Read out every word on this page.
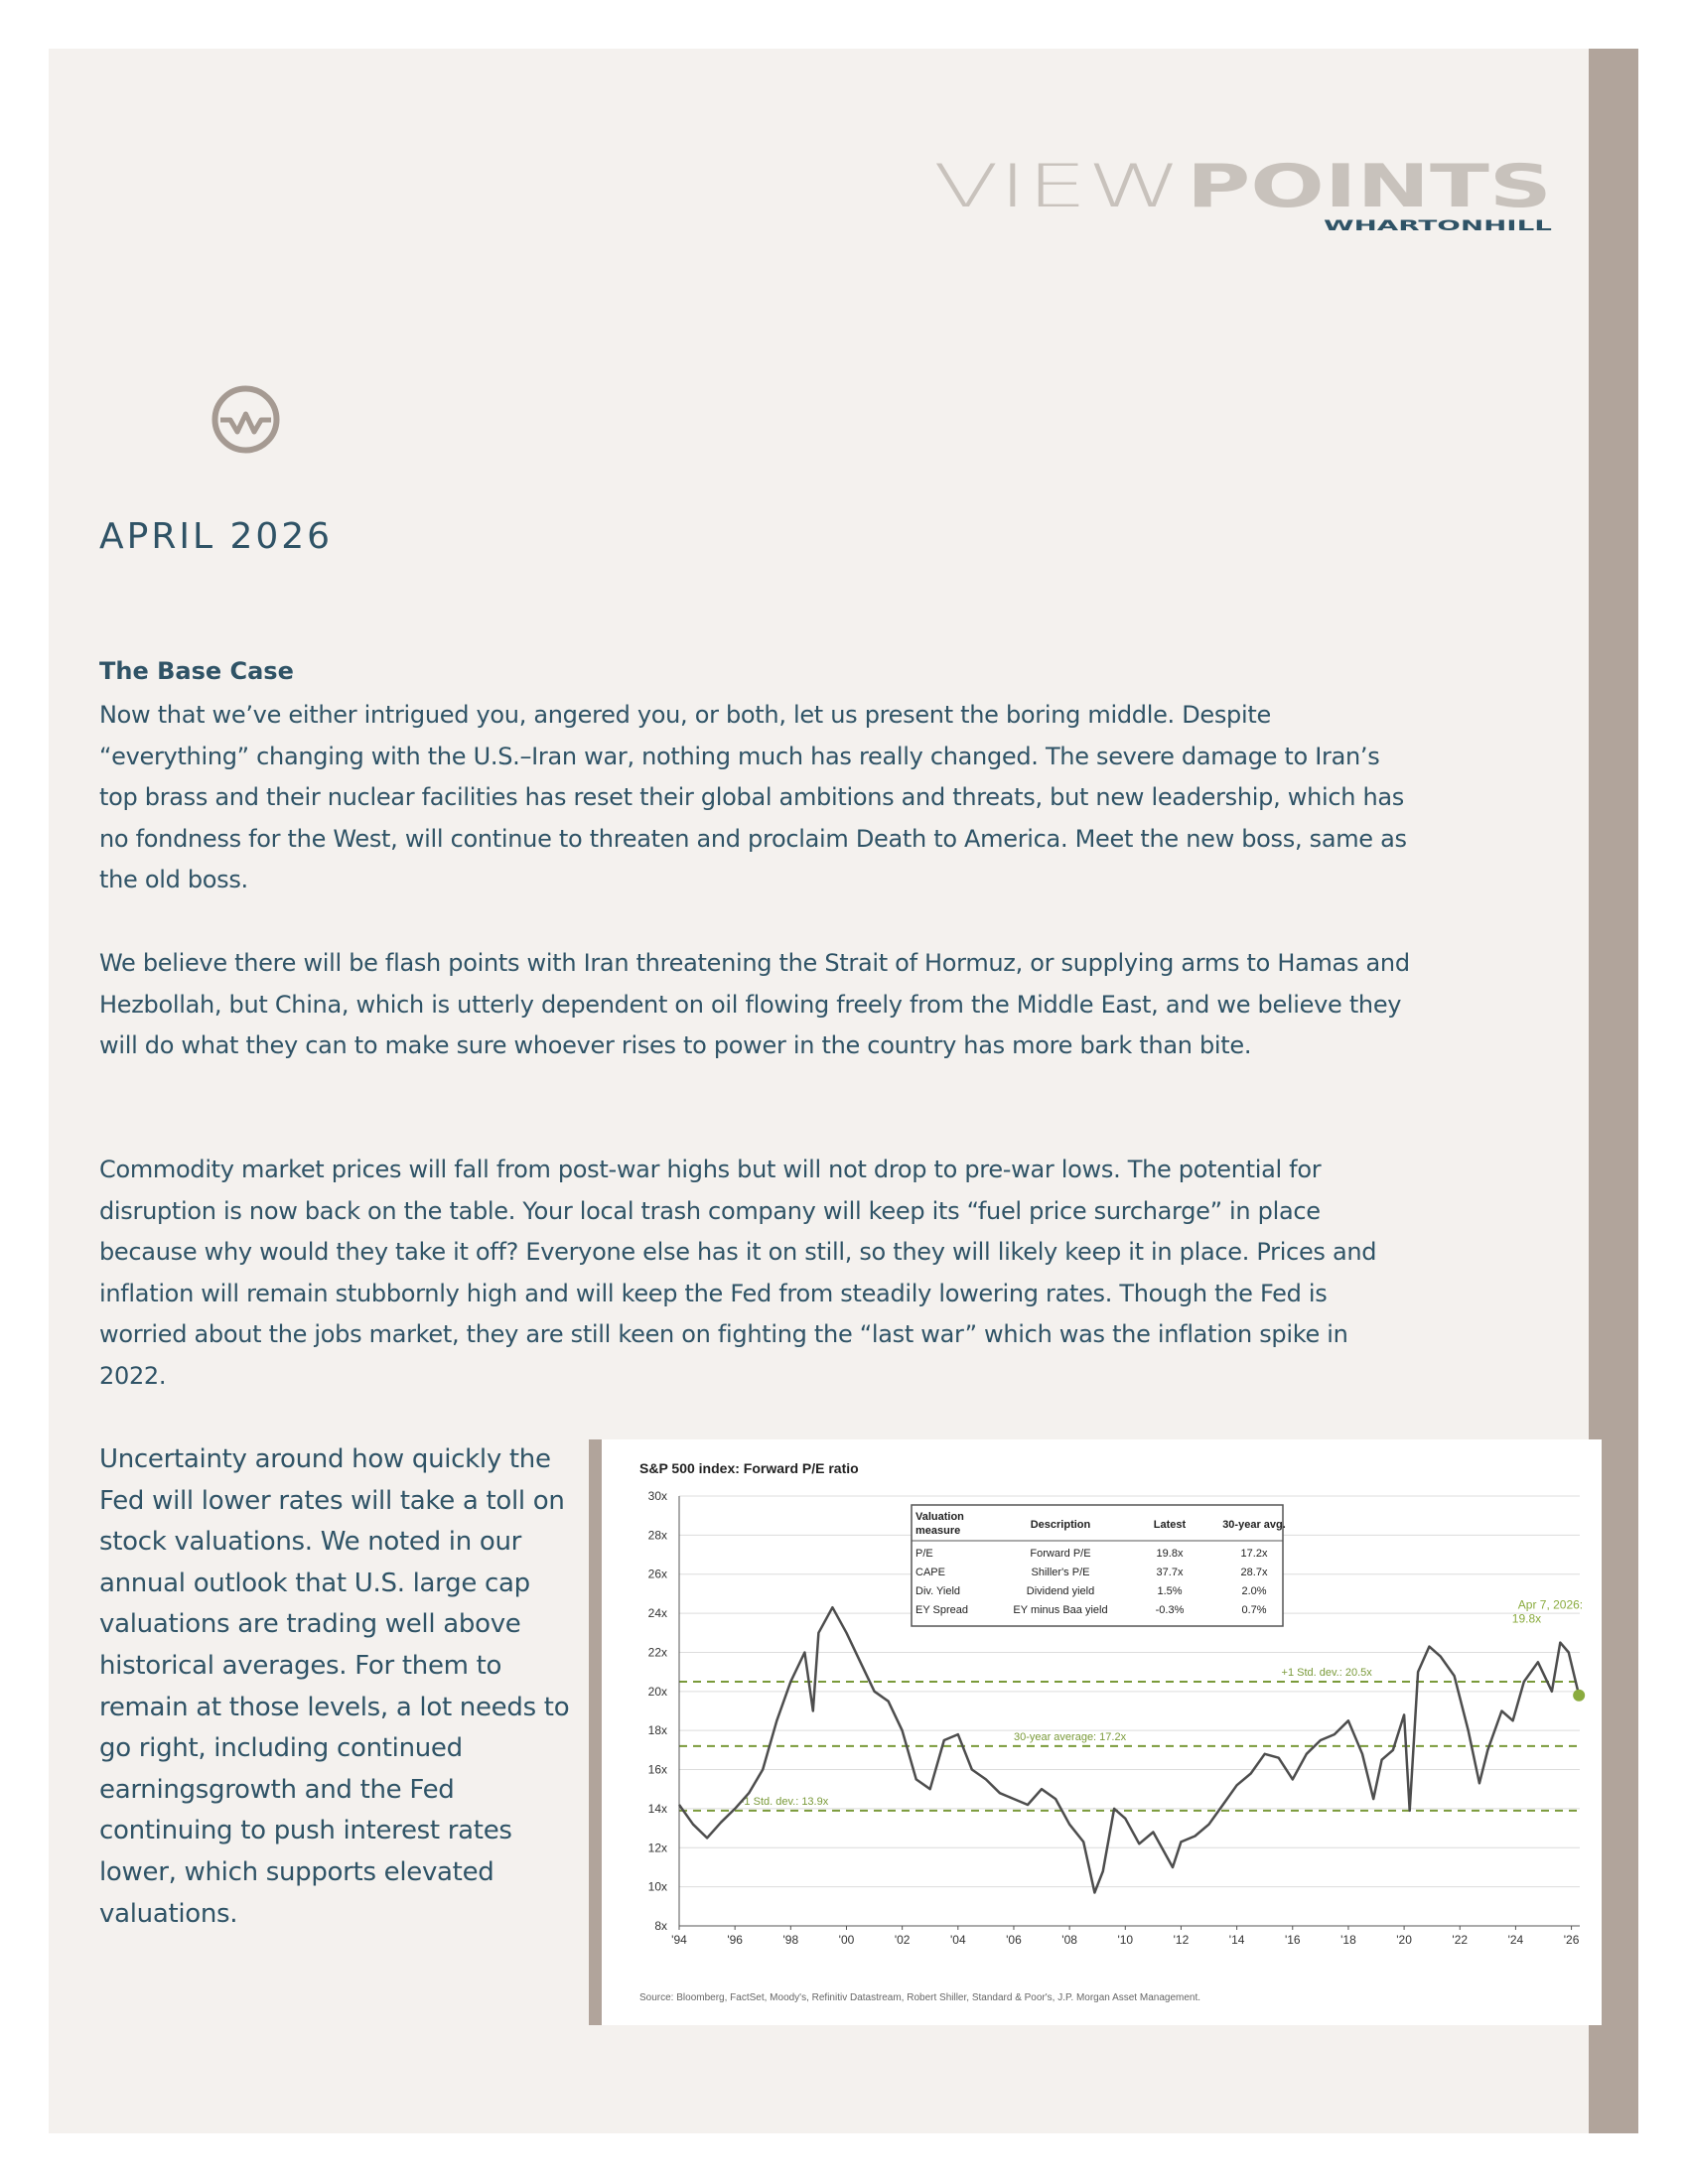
VIEW POINTS
WHARTONHILL
APRIL 2026
The Base Case

Now that we’ve either intrigued you, angered you, or both, let us present the boring middle. Despite “everything” changing with the U.S.–Iran war, nothing much has really changed. The severe damage to Iran’s top brass and their nuclear facilities has reset their global ambitions and threats, but new leadership, which has no fondness for the West, will continue to threaten and proclaim Death to America. Meet the new boss, same as the old boss.

We believe there will be flash points with Iran threatening the Strait of Hormuz, or supplying arms to Hamas and Hezbollah, but China, which is utterly dependent on oil flowing freely from the Middle East, and we believe they will do what they can to make sure whoever rises to power in the country has more bark than bite.

Commodity market prices will fall from post-war highs but will not drop to pre-war lows. The potential for disruption is now back on the table. Your local trash company will keep its “fuel price surcharge” in place because why would they take it off? Everyone else has it on still, so they will likely keep it in place. Prices and inflation will remain stubbornly high and will keep the Fed from steadily lowering rates. Though the Fed is worried about the jobs market, they are still keen on fighting the “last war” which was the inflation spike in 2022.

Uncertainty around how quickly the Fed will lower rates will take a toll on stock valuations. We noted in our annual outlook that U.S. large cap valuations are trading well above historical averages. For them to remain at those levels, a lot needs to go right, including continued earningsgrowth and the Fed continuing to push interest rates lower, which supports elevated valuations.

S&P 500 index: Forward P/E ratio
+1 Std. dev.: 20.5x
30-year average: 17.2x
-1 Std. dev.: 13.9x
30x
28x
26x
24x
22x
20x
18x
16x
14x
12x
10x
8x
'94	'96	'98	'00	'02	'04	'06	'08	'10	'12	'14	'16	'18	'20	'22	'24	'26
Valuation
measure	Description	Latest	30-year avg.
P/E	Forward P/E	19.8x	17.2x
CAPE	Shiller's P/E	37.7x	28.7x
Div. Yield	Dividend yield	1.5%	2.0%
EY Spread	EY minus Baa yield	-0.3%	0.7%	Apr 7, 2026:
19.8x
Source: Bloomberg, FactSet, Moody's, Refinitiv Datastream, Robert Shiller, Standard & Poor's, J.P. Morgan Asset Management.
